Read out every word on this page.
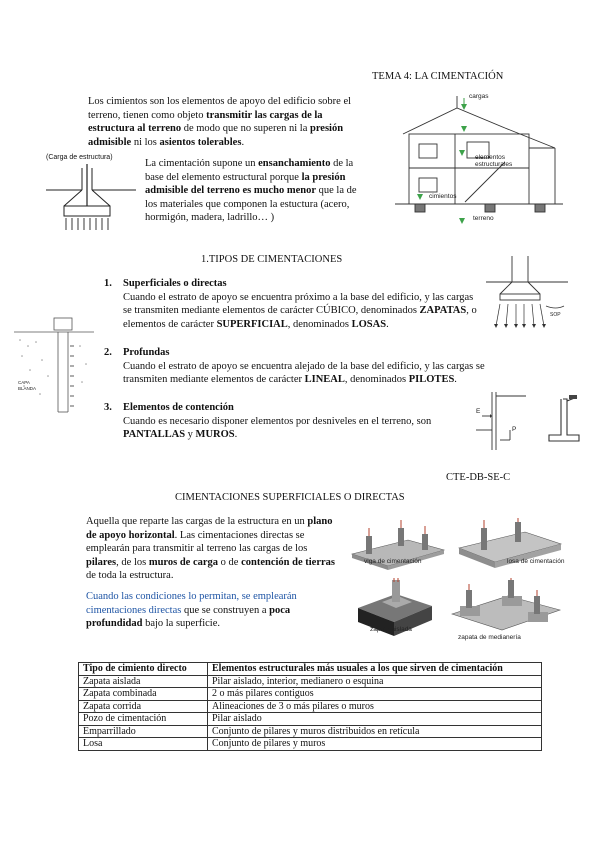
TEMA 4: LA CIMENTACIÓN

Los cimientos son los elementos de apoyo del edificio sobre el terreno, tienen como objeto transmitir las cargas de la estructura al terreno de modo que no superen ni la presión admisible ni los asientos tolerables.

(Carga de estructura)

La cimentación supone un ensanchamiento de la base del elemento estructural porque la presión admisible del terreno es mucho menor que la de los materiales que componen la estuctura (acero, hormigón, madera, ladrillo… )

cargas
elementos estructurales
cimientos
terreno
1.TIPOS DE CIMENTACIONES
1. Superficiales o directas

Cuando el estrato de apoyo se encuentra próximo a la base del edificio, y las cargas se transmiten mediante elementos de carácter CÚBICO, denominados ZAPATAS, o elementos de carácter SUPERFICIAL, denominados LOSAS.

SOP
CAPA BLANDA
2. Profundas

Cuando el estrato de apoyo se encuentra alejado de la base del edificio, y las cargas se transmiten mediante elementos de carácter LINEAL, denominados PILOTES.

3. Elementos de contención

Cuando es necesario disponer elementos por desniveles en el terreno, son PANTALLAS y MUROS.

E
P
CTE-DB-SE-C
CIMENTACIONES SUPERFICIALES O DIRECTAS

Aquella que reparte las cargas de la estructura en un plano de apoyo horizontal. Las cimentaciones directas se emplearán para transmitir al terreno las cargas de los pilares, de los muros de carga o de contención de tierras de toda la estructura.

Cuando las condiciones lo permitan, se emplearán cimentaciones directas que se construyen a poca profundidad bajo la superficie.

viga de cimentación	losa de cimentación
zapata aislada
zapata de medianería
Tipo de cimiento directo	Elementos estructurales más usuales a los que sirven de cimentación
Zapata aislada	Pilar aislado, interior, medianero o esquina
Zapata combinada	2 o más pilares contiguos
Zapata corrida	Alineaciones de 3 o más pilares o muros
Pozo de cimentación	Pilar aislado
Emparrillado	Conjunto de pilares y muros distribuidos en retícula
Losa	Conjunto de pilares y muros
